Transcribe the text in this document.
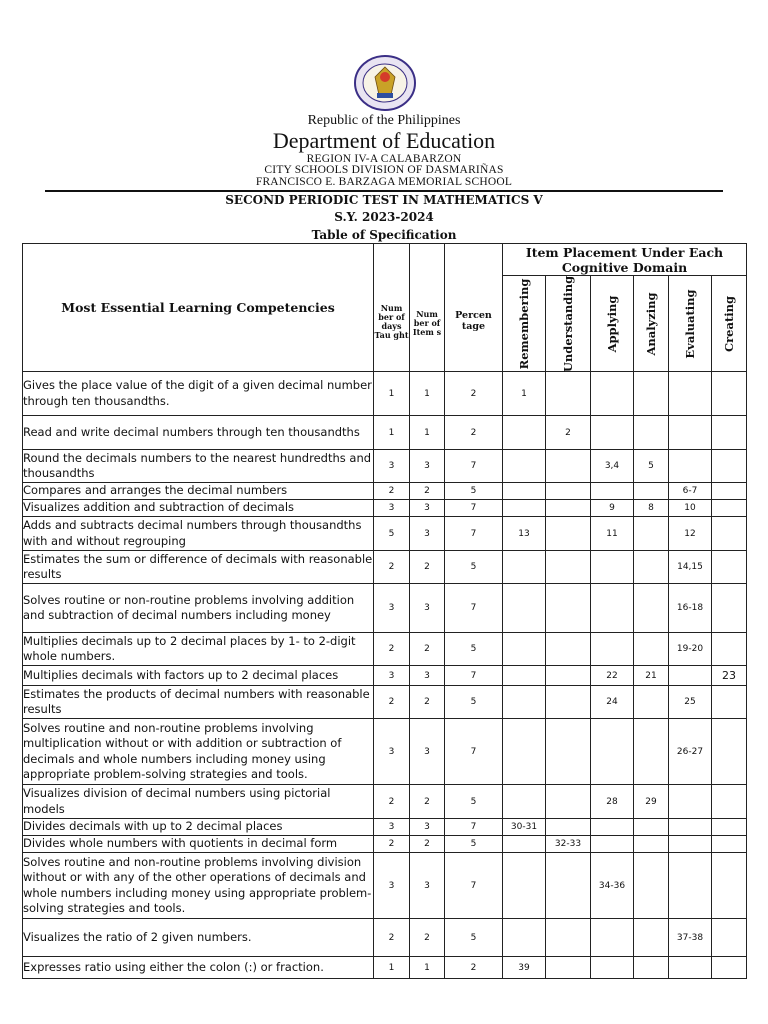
Republic of the Philippines
Department of Education
REGION IV-A CALABARZON
CITY SCHOOLS DIVISION OF DASMARIÑAS
FRANCISCO E. BARZAGA MEMORIAL SCHOOL
SECOND PERIODIC TEST IN MATHEMATICS V
S.Y. 2023-2024
Table of Specification
Most Essential Learning Competencies	Num ber of days Tau ght	Num ber of Item s	Percen tage	Item Placement Under Each Cognitive Domain					

				Remembering	Understanding	Applying	Analyzing	Evaluating	Creating

Gives the place value of the digit of a given decimal number through ten thousandths.	1	1	2	1					
Read and write decimal numbers through ten thousandths	1	1	2		2				
Round the decimals numbers to the nearest hundredths and thousandths	3	3	7			3,4	5		
Compares and arranges the decimal numbers	2	2	5					6-7	
Visualizes addition and subtraction of decimals	3	3	7			9	8	10	
Adds and subtracts decimal numbers through thousandths with and without regrouping	5	3	7	13		11		12	
Estimates the sum or difference of decimals with reasonable results	2	2	5					14,15	
Solves routine or non-routine problems involving addition and subtraction of decimal numbers including money	3	3	7					16-18	
Multiplies decimals up to 2 decimal places by 1- to 2-digit whole numbers.	2	2	5					19-20	
Multiplies decimals with factors up to 2 decimal places	3	3	7			22	21		23
Estimates the products of decimal numbers with reasonable results	2	2	5			24		25	
Solves routine and non-routine problems involving multiplication without or with addition or subtraction of decimals and whole numbers including money using appropriate problem-solving strategies and tools.	3	3	7					26-27	
Visualizes division of decimal numbers using pictorial models	2	2	5			28	29		
Divides decimals with up to 2 decimal places	3	3	7	30-31					
Divides whole numbers with quotients in decimal form	2	2	5		32-33				
Solves routine and non-routine problems involving division without or with any of the other operations of decimals and whole numbers including money using appropriate problem-solving strategies and tools.	3	3	7			34-36			
Visualizes the ratio of 2 given numbers.	2	2	5					37-38	
Expresses ratio using either the colon (:) or fraction.	1	1	2	39					
